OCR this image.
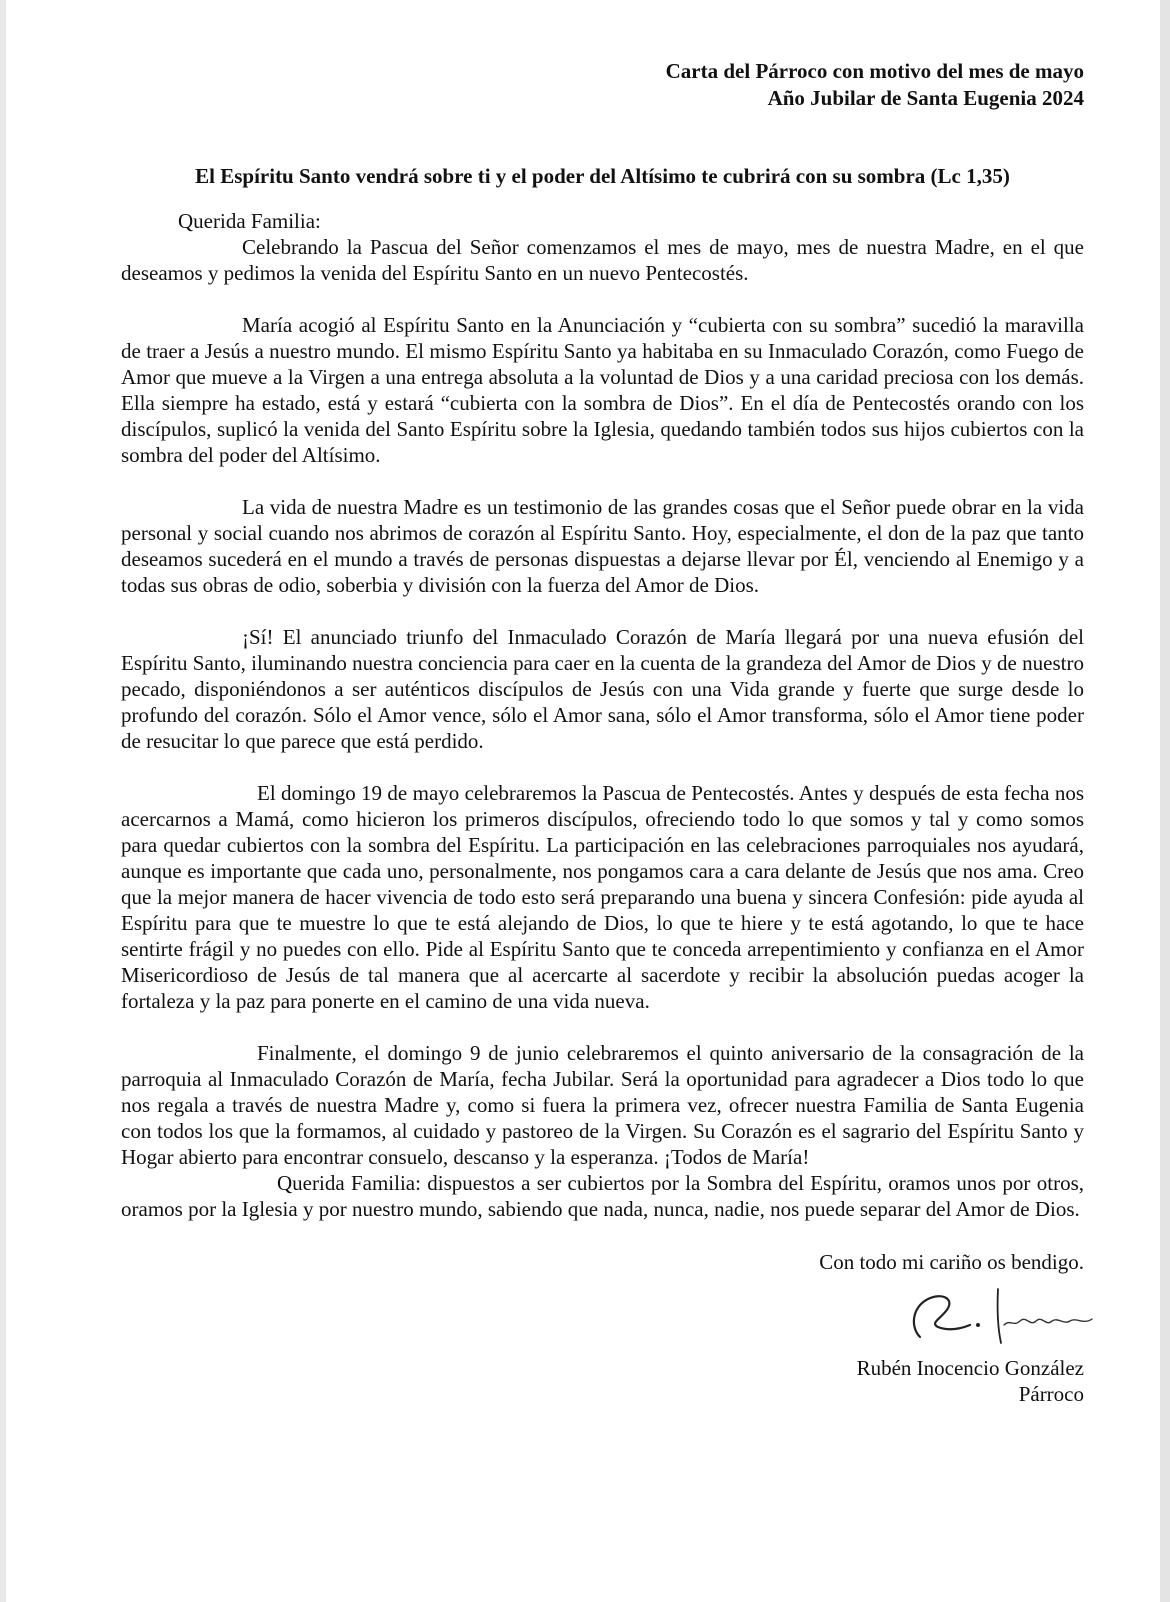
Carta del Párroco con motivo del mes de mayo
Año Jubilar de Santa Eugenia 2024
El Espíritu Santo vendrá sobre ti y el poder del Altísimo te cubrirá con su sombra (Lc 1,35)
Querida Familia:

Celebrando la Pascua del Señor comenzamos el mes de mayo, mes de nuestra Madre, en el que deseamos y pedimos la venida del Espíritu Santo en un nuevo Pentecostés.

María acogió al Espíritu Santo en la Anunciación y “cubierta con su sombra” sucedió la maravilla de traer a Jesús a nuestro mundo. El mismo Espíritu Santo ya habitaba en su Inmaculado Corazón, como Fuego de Amor que mueve a la Virgen a una entrega absoluta a la voluntad de Dios y a una caridad preciosa con los demás. Ella siempre ha estado, está y estará “cubierta con la sombra de Dios”. En el día de Pentecostés orando con los discípulos, suplicó la venida del Santo Espíritu sobre la Iglesia, quedando también todos sus hijos cubiertos con la sombra del poder del Altísimo.

La vida de nuestra Madre es un testimonio de las grandes cosas que el Señor puede obrar en la vida personal y social cuando nos abrimos de corazón al Espíritu Santo. Hoy, especialmente, el don de la paz que tanto deseamos sucederá en el mundo a través de personas dispuestas a dejarse llevar por Él, venciendo al Enemigo y a todas sus obras de odio, soberbia y división con la fuerza del Amor de Dios.

¡Sí! El anunciado triunfo del Inmaculado Corazón de María llegará por una nueva efusión del Espíritu Santo, iluminando nuestra conciencia para caer en la cuenta de la grandeza del Amor de Dios y de nuestro pecado, disponiéndonos a ser auténticos discípulos de Jesús con una Vida grande y fuerte que surge desde lo profundo del corazón. Sólo el Amor vence, sólo el Amor sana, sólo el Amor transforma, sólo el Amor tiene poder de resucitar lo que parece que está perdido.

El domingo 19 de mayo celebraremos la Pascua de Pentecostés. Antes y después de esta fecha nos acercarnos a Mamá, como hicieron los primeros discípulos, ofreciendo todo lo que somos y tal y como somos para quedar cubiertos con la sombra del Espíritu. La participación en las celebraciones parroquiales nos ayudará, aunque es importante que cada uno, personalmente, nos pongamos cara a cara delante de Jesús que nos ama. Creo que la mejor manera de hacer vivencia de todo esto será preparando una buena y sincera Confesión: pide ayuda al Espíritu para que te muestre lo que te está alejando de Dios, lo que te hiere y te está agotando, lo que te hace sentirte frágil y no puedes con ello. Pide al Espíritu Santo que te conceda arrepentimiento y confianza en el Amor Misericordioso de Jesús de tal manera que al acercarte al sacerdote y recibir la absolución puedas acoger la fortaleza y la paz para ponerte en el camino de una vida nueva.

Finalmente, el domingo 9 de junio celebraremos el quinto aniversario de la consagración de la parroquia al Inmaculado Corazón de María, fecha Jubilar. Será la oportunidad para agradecer a Dios todo lo que nos regala a través de nuestra Madre y, como si fuera la primera vez, ofrecer nuestra Familia de Santa Eugenia con todos los que la formamos, al cuidado y pastoreo de la Virgen. Su Corazón es el sagrario del Espíritu Santo y Hogar abierto para encontrar consuelo, descanso y la esperanza. ¡Todos de María!

Querida Familia: dispuestos a ser cubiertos por la Sombra del Espíritu, oramos unos por otros, oramos por la Iglesia y por nuestro mundo, sabiendo que nada, nunca, nadie, nos puede separar del Amor de Dios.

Con todo mi cariño os bendigo.
Rubén Inocencio González
Párroco
